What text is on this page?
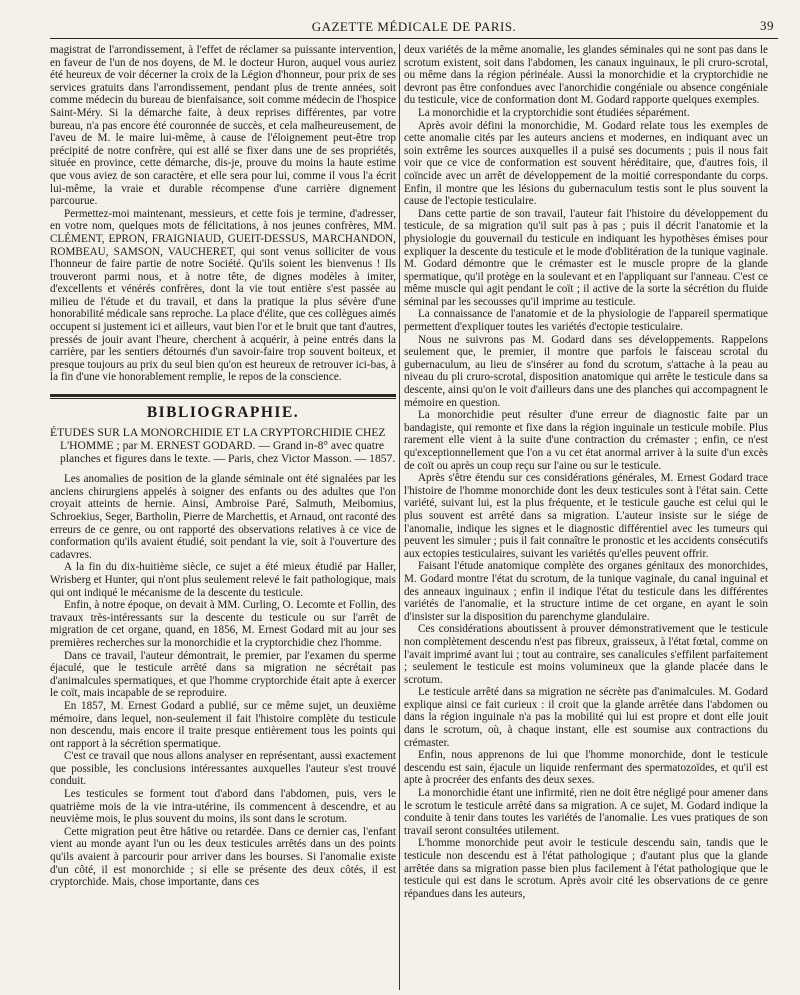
GAZETTE MÉDICALE DE PARIS.	39

magistrat de l'arrondissement, à l'effet de réclamer sa puissante intervention, en faveur de l'un de nos doyens, de M. le docteur Huron, auquel vous auriez été heureux de voir décerner la croix de la Légion d'honneur, pour prix de ses services gratuits dans l'arrondissement, pendant plus de trente années, soit comme médecin du bureau de bienfaisance, soit comme médecin de l'hospice Saint-Méry. Si la démarche faite, à deux reprises différentes, par votre bureau, n'a pas encore été couronnée de succès, et cela malheureusement, de l'aveu de M. le maire lui-même, à cause de l'éloignement peut-être trop précipité de notre confrère, qui est allé se fixer dans une de ses propriétés, située en province, cette démarche, dis-je, prouve du moins la haute estime que vous aviez de son caractère, et elle sera pour lui, comme il vous l'a écrit lui-même, la vraie et durable récompense d'une carrière dignement parcourue.

Permettez-moi maintenant, messieurs, et cette fois je termine, d'adresser, en votre nom, quelques mots de félicitations, à nos jeunes confrères, MM. CLÉMENT, EPRON, FRAIGNIAUD, GUEIT-DESSUS, MARCHANDON, ROMBEAU, SAMSON, VAUCHERET, qui sont venus solliciter de vous l'honneur de faire partie de notre Société. Qu'ils soient les bienvenus ! Ils trouveront parmi nous, et à notre tête, de dignes modèles à imiter, d'excellents et vénérés confrères, dont la vie tout entière s'est passée au milieu de l'étude et du travail, et dans la pratique la plus sévère d'une honorabilité médicale sans reproche. La place d'élite, que ces collègues aimés occupent si justement ici et ailleurs, vaut bien l'or et le bruit que tant d'autres, pressés de jouir avant l'heure, cherchent à acquérir, à peine entrés dans la carrière, par les sentiers détournés d'un savoir-faire trop souvent boiteux, et presque toujours au prix du seul bien qu'on est heureux de retrouver ici-bas, à la fin d'une vie honorablement remplie, le repos de la conscience.

BIBLIOGRAPHIE.

ÉTUDES SUR LA MONORCHIDIE ET LA CRYPTORCHIDIE CHEZ L'HOMME ; par M. ERNEST GODARD. — Grand in-8° avec quatre planches et figures dans le texte. — Paris, chez Victor Masson. — 1857.

Les anomalies de position de la glande séminale ont été signalées par les anciens chirurgiens appelés à soigner des enfants ou des adultes que l'on croyait atteints de hernie. Ainsi, Ambroise Paré, Salmuth, Meibomius, Schroekius, Seger, Bartholin, Pierre de Marchettis, et Arnaud, ont raconté des erreurs de ce genre, ou ont rapporté des observations relatives à ce vice de conformation qu'ils avaient étudié, soit pendant la vie, soit à l'ouverture des cadavres.

A la fin du dix-huitième siècle, ce sujet a été mieux étudié par Haller, Wrisberg et Hunter, qui n'ont plus seulement relevé le fait pathologique, mais qui ont indiqué le mécanisme de la descente du testicule.

Enfin, à notre époque, on devait à MM. Curling, O. Lecomte et Follin, des travaux très-intéressants sur la descente du testicule ou sur l'arrêt de migration de cet organe, quand, en 1856, M. Ernest Godard mit au jour ses premières recherches sur la monorchidie et la cryptorchidie chez l'homme.

Dans ce travail, l'auteur démontrait, le premier, par l'examen du sperme éjaculé, que le testicule arrêté dans sa migration ne sécrétait pas d'animalcules spermatiques, et que l'homme cryptorchide était apte à exercer le coït, mais incapable de se reproduire.

En 1857, M. Ernest Godard a publié, sur ce même sujet, un deuxième mémoire, dans lequel, non-seulement il fait l'histoire complète du testicule non descendu, mais encore il traite presque entièrement tous les points qui ont rapport à la sécrétion spermatique.

C'est ce travail que nous allons analyser en représentant, aussi exactement que possible, les conclusions intéressantes auxquelles l'auteur s'est trouvé conduit.

Les testicules se forment tout d'abord dans l'abdomen, puis, vers le quatrième mois de la vie intra-utérine, ils commencent à descendre, et au neuvième mois, le plus souvent du moins, ils sont dans le scrotum.

Cette migration peut être hâtive ou retardée. Dans ce dernier cas, l'enfant vient au monde ayant l'un ou les deux testicules arrêtés dans un des points qu'ils avaient à parcourir pour arriver dans les bourses. Si l'anomalie existe d'un côté, il est monorchide ; si elle se présente des deux côtés, il est cryptorchide. Mais, chose importante, dans ces

deux variétés de la même anomalie, les glandes séminales qui ne sont pas dans le scrotum existent, soit dans l'abdomen, les canaux inguinaux, le pli cruro-scrotal, ou même dans la région périnéale. Aussi la monorchidie et la cryptorchidie ne devront pas être confondues avec l'anorchidie congéniale ou absence congéniale du testicule, vice de conformation dont M. Godard rapporte quelques exemples.

La monorchidie et la cryptorchidie sont étudiées séparément.

Après avoir défini la monorchidie, M. Godard relate tous les exemples de cette anomalie cités par les auteurs anciens et modernes, en indiquant avec un soin extrême les sources auxquelles il a puisé ses documents ; puis il nous fait voir que ce vice de conformation est souvent héréditaire, que, d'autres fois, il coïncide avec un arrêt de développement de la moitié correspondante du corps. Enfin, il montre que les lésions du gubernaculum testis sont le plus souvent la cause de l'ectopie testiculaire.

Dans cette partie de son travail, l'auteur fait l'histoire du développement du testicule, de sa migration qu'il suit pas à pas ; puis il décrit l'anatomie et la physiologie du gouvernail du testicule en indiquant les hypothèses émises pour expliquer la descente du testicule et le mode d'oblitération de la tunique vaginale. M. Godard démontre que le crémaster est le muscle propre de la glande spermatique, qu'il protège en la soulevant et en l'appliquant sur l'anneau. C'est ce même muscle qui agit pendant le coït ; il active de la sorte la sécrétion du fluide séminal par les secousses qu'il imprime au testicule.

La connaissance de l'anatomie et de la physiologie de l'appareil spermatique permettent d'expliquer toutes les variétés d'ectopie testiculaire.

Nous ne suivrons pas M. Godard dans ses développements. Rappelons seulement que, le premier, il montre que parfois le faisceau scrotal du gubernaculum, au lieu de s'insérer au fond du scrotum, s'attache à la peau au niveau du pli cruro-scrotal, disposition anatomique qui arrête le testicule dans sa descente, ainsi qu'on le voit d'ailleurs dans une des planches qui accompagnent le mémoire en question.

La monorchidie peut résulter d'une erreur de diagnostic faite par un bandagiste, qui remonte et fixe dans la région inguinale un testicule mobile. Plus rarement elle vient à la suite d'une contraction du crémaster ; enfin, ce n'est qu'exceptionnellement que l'on a vu cet état anormal arriver à la suite d'un excès de coït ou après un coup reçu sur l'aine ou sur le testicule.

Après s'être étendu sur ces considérations générales, M. Ernest Godard trace l'histoire de l'homme monorchide dont les deux testicules sont à l'état sain. Cette variété, suivant lui, est la plus fréquente, et le testicule gauche est celui qui le plus souvent est arrêté dans sa migration. L'auteur insiste sur le siége de l'anomalie, indique les signes et le diagnostic différentiel avec les tumeurs qui peuvent les simuler ; puis il fait connaître le pronostic et les accidents consécutifs aux ectopies testiculaires, suivant les variétés qu'elles peuvent offrir.

Faisant l'étude anatomique complète des organes génitaux des monorchides, M. Godard montre l'état du scrotum, de la tunique vaginale, du canal inguinal et des anneaux inguinaux ; enfin il indique l'état du testicule dans les différentes variétés de l'anomalie, et la structure intime de cet organe, en ayant le soin d'insister sur la disposition du parenchyme glandulaire.

Ces considérations aboutissent à prouver démonstrativement que le testicule non complètement descendu n'est pas fibreux, graisseux, à l'état fœtal, comme on l'avait imprimé avant lui ; tout au contraire, ses canalicules s'effilent parfaitement ; seulement le testicule est moins volumineux que la glande placée dans le scrotum.

Le testicule arrêté dans sa migration ne sécrète pas d'animalcules. M. Godard explique ainsi ce fait curieux : il croit que la glande arrêtée dans l'abdomen ou dans la région inguinale n'a pas la mobilité qui lui est propre et dont elle jouit dans le scrotum, où, à chaque instant, elle est soumise aux contractions du crémaster.

Enfin, nous apprenons de lui que l'homme monorchide, dont le testicule descendu est sain, éjacule un liquide renfermant des spermatozoïdes, et qu'il est apte à procréer des enfants des deux sexes.

La monorchidie étant une infirmité, rien ne doit être négligé pour amener dans le scrotum le testicule arrêté dans sa migration. A ce sujet, M. Godard indique la conduite à tenir dans toutes les variétés de l'anomalie. Les vues pratiques de son travail seront consultées utilement.

L'homme monorchide peut avoir le testicule descendu sain, tandis que le testicule non descendu est à l'état pathologique ; d'autant plus que la glande arrêtée dans sa migration passe bien plus facilement à l'état pathologique que le testicule qui est dans le scrotum. Après avoir cité les observations de ce genre répandues dans les auteurs,
